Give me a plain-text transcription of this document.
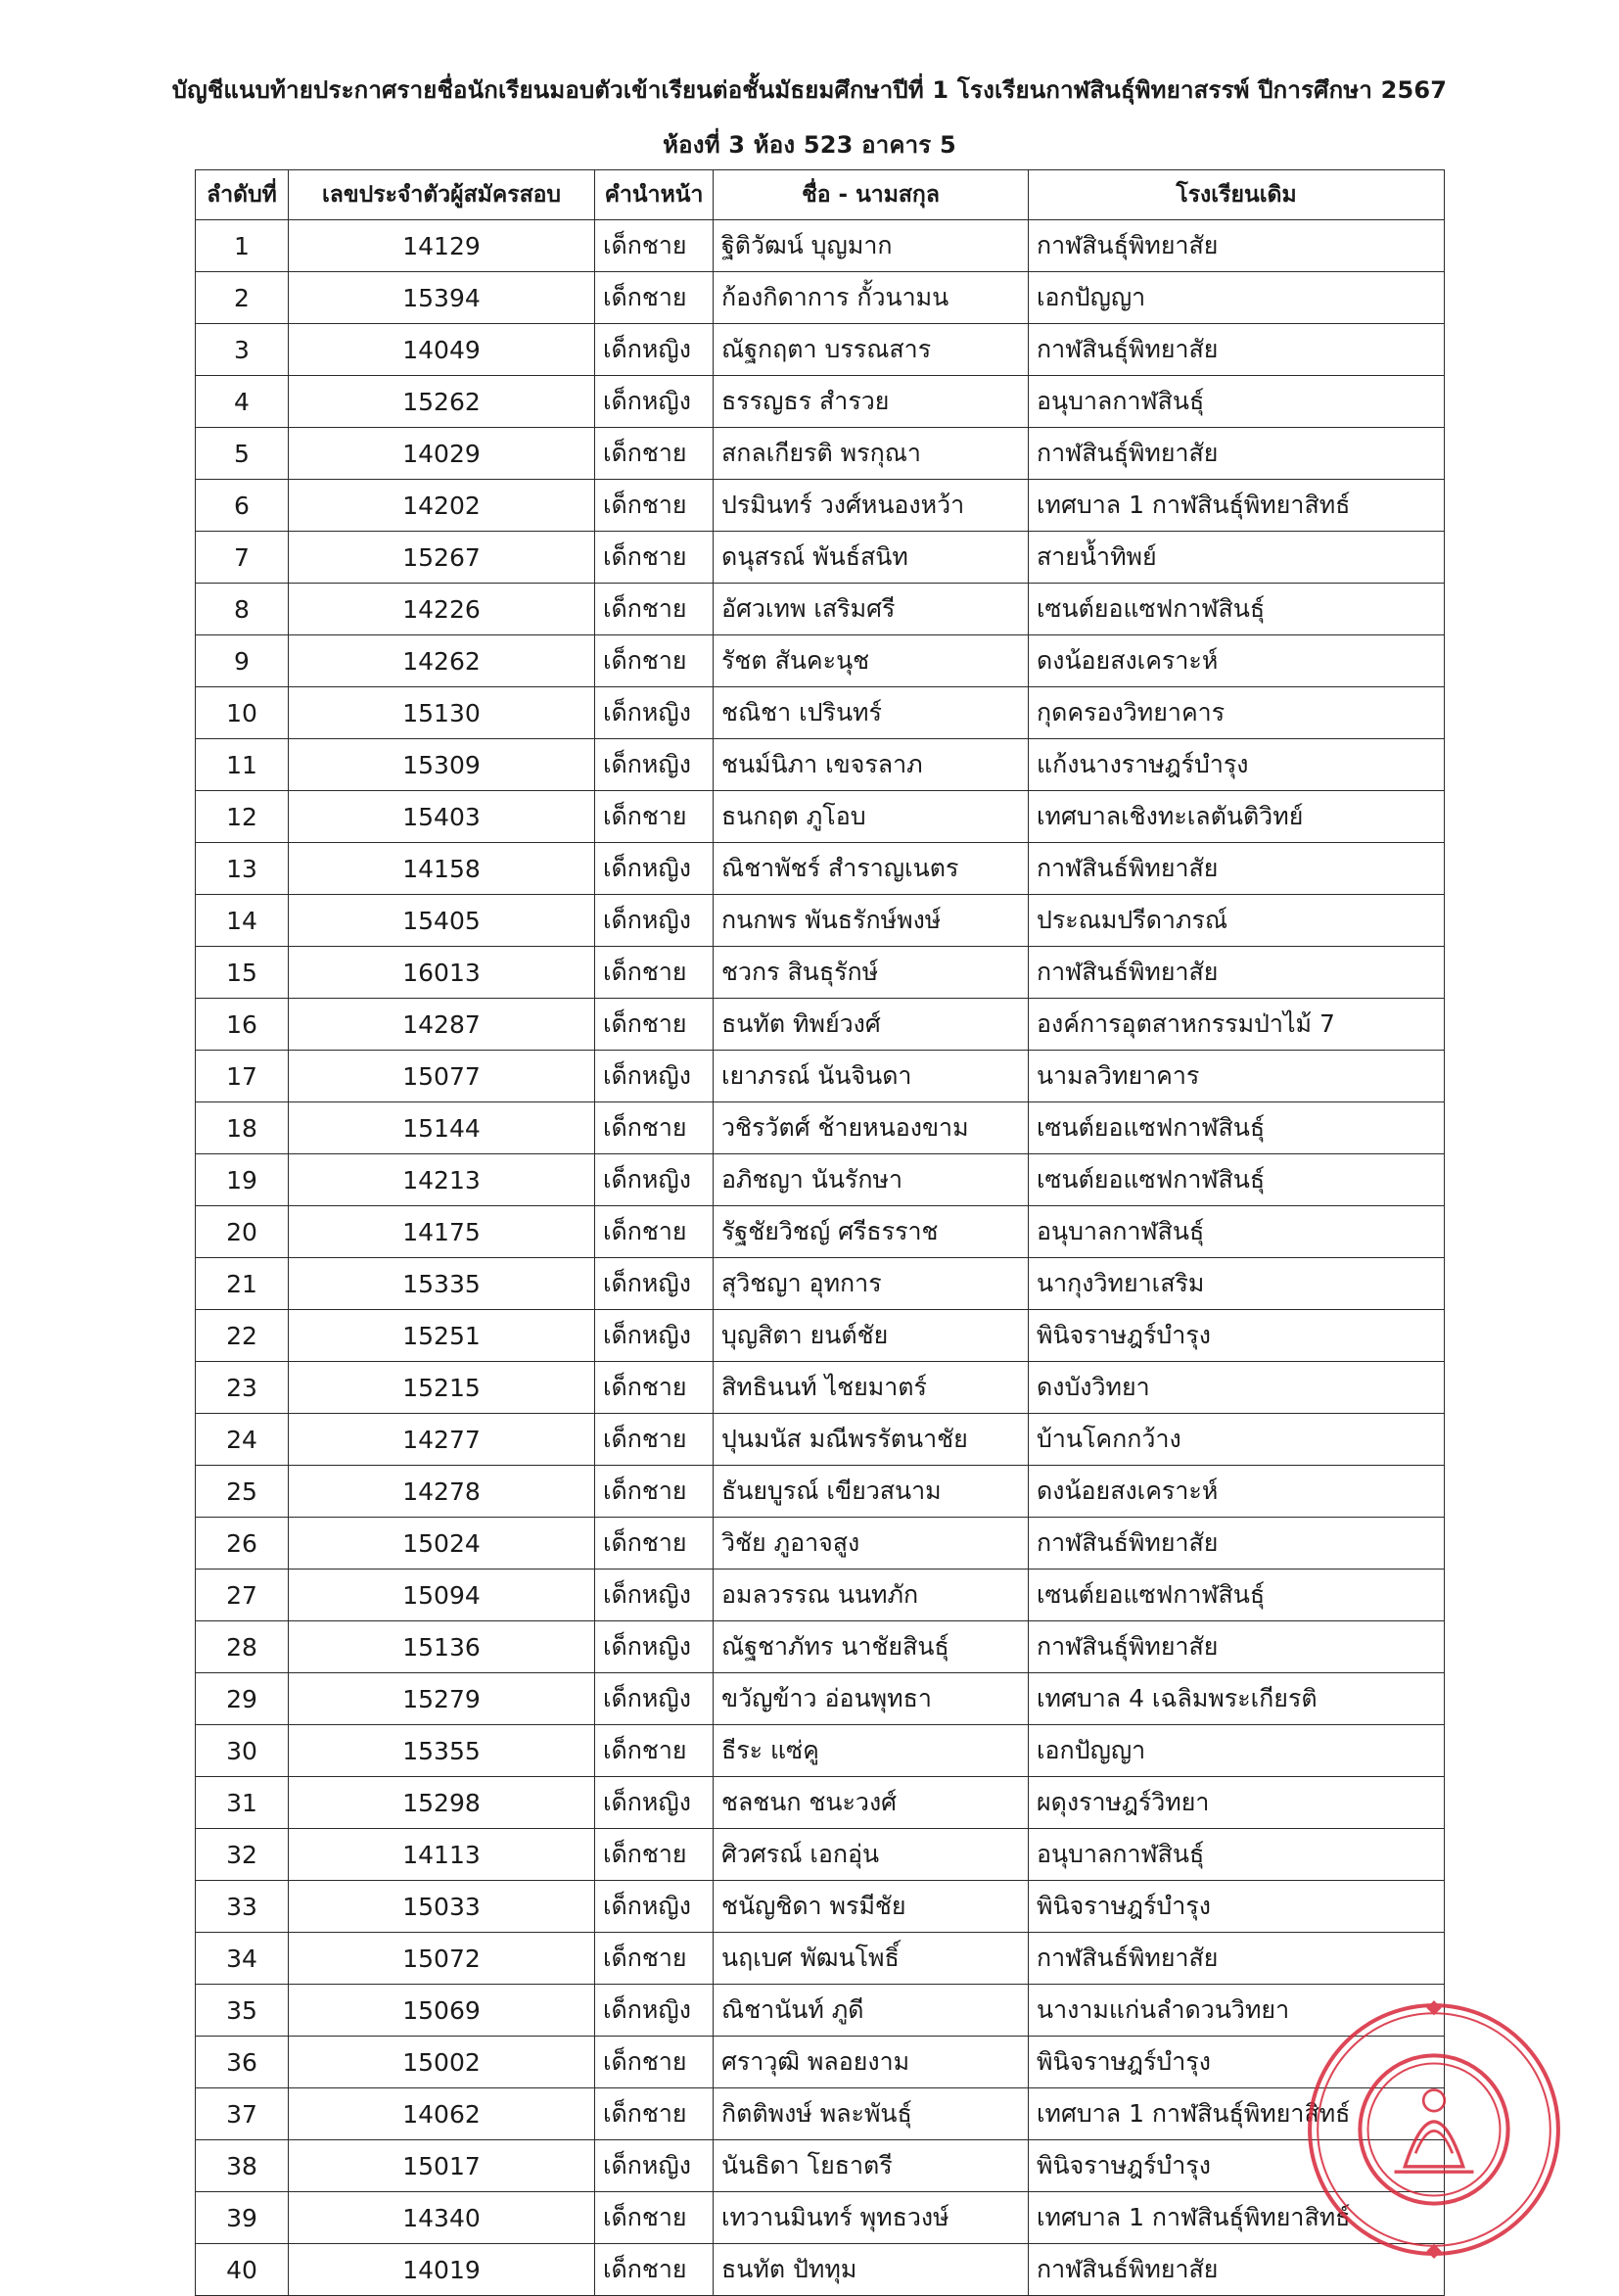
บัญชีแนบท้ายประกาศรายชื่อนักเรียนมอบตัวเข้าเรียนต่อชั้นมัธยมศึกษาปีที่ 1 โรงเรียนกาฬสินธุ์พิทยาสรรพ์ ปีการศึกษา 2567
ห้องที่ 3 ห้อง 523 อาคาร 5
ลำดับที่	เลขประจำตัวผู้สมัครสอบ	คำนำหน้า	ชื่อ - นามสกุล	โรงเรียนเดิม
1	14129	เด็กชาย	ฐิติวัฒน์ บุญมาก	กาฬสินธุ์พิทยาสัย
2	15394	เด็กชาย	ก้องกิดาการ กั้วนามน	เอกปัญญา
3	14049	เด็กหญิง	ณัฐกฤตา บรรณสาร	กาฬสินธุ์พิทยาสัย
4	15262	เด็กหญิง	ธรรญธร สำรวย	อนุบาลกาฬสินธุ์
5	14029	เด็กชาย	สกลเกียรติ พรกุณา	กาฬสินธุ์พิทยาสัย
6	14202	เด็กชาย	ปรมินทร์ วงศ์หนองหว้า	เทศบาล 1 กาฬสินธุ์พิทยาสิทธ์
7	15267	เด็กชาย	ดนุสรณ์ พันธ์สนิท	สายน้ำทิพย์
8	14226	เด็กชาย	อัศวเทพ เสริมศรี	เซนต์ยอแซฟกาฬสินธุ์
9	14262	เด็กชาย	รัชต สันคะนุช	ดงน้อยสงเคราะห์
10	15130	เด็กหญิง	ชณิชา เปรินทร์	กุดครองวิทยาคาร
11	15309	เด็กหญิง	ชนม์นิภา เขจรลาภ	แก้งนางราษฎร์บำรุง
12	15403	เด็กชาย	ธนกฤต ภูโอบ	เทศบาลเชิงทะเลตันติวิทย์
13	14158	เด็กหญิง	ณิชาพัชร์ สำราญเนตร	กาฬสินธ์พิทยาสัย
14	15405	เด็กหญิง	กนกพร พันธรักษ์พงษ์	ประณมปรีดาภรณ์
15	16013	เด็กชาย	ชวกร สินธุรักษ์	กาฬสินธ์พิทยาสัย
16	14287	เด็กชาย	ธนทัต ทิพย์วงศ์	องค์การอุตสาหกรรมป่าไม้ 7
17	15077	เด็กหญิง	เยาภรณ์ นันจินดา	นามลวิทยาคาร
18	15144	เด็กชาย	วชิรวัตศ์ ช้ายหนองขาม	เซนต์ยอแซฟกาฬสินธุ์
19	14213	เด็กหญิง	อภิชญา นันรักษา	เซนต์ยอแซฟกาฬสินธุ์
20	14175	เด็กชาย	รัฐชัยวิชญ์ ศรีธรราช	อนุบาลกาฬสินธุ์
21	15335	เด็กหญิง	สุวิชญา อุทการ	นากุงวิทยาเสริม
22	15251	เด็กหญิง	บุญสิตา ยนต์ชัย	พินิจราษฎร์บำรุง
23	15215	เด็กชาย	สิทธินนท์ ไชยมาตร์	ดงบังวิทยา
24	14277	เด็กชาย	ปุนมนัส มณีพรรัตนาชัย	บ้านโคกกว้าง
25	14278	เด็กชาย	ธันยบูรณ์ เขียวสนาม	ดงน้อยสงเคราะห์
26	15024	เด็กชาย	วิชัย ภูอาจสูง	กาฬสินธ์พิทยาสัย
27	15094	เด็กหญิง	อมลวรรณ นนทภัก	เซนต์ยอแซฟกาฬสินธุ์
28	15136	เด็กหญิง	ณัฐชาภัทร นาชัยสินธุ์	กาฬสินธุ์พิทยาสัย
29	15279	เด็กหญิง	ขวัญข้าว อ่อนพุทธา	เทศบาล 4 เฉลิมพระเกียรติ
30	15355	เด็กชาย	ธีระ แซ่คู	เอกปัญญา
31	15298	เด็กหญิง	ชลชนก ชนะวงศ์	ผดุงราษฎร์วิทยา
32	14113	เด็กชาย	ศิวศรณ์ เอกอุ่น	อนุบาลกาฬสินธุ์
33	15033	เด็กหญิง	ชนัญชิดา พรมีชัย	พินิจราษฎร์บำรุง
34	15072	เด็กชาย	นฤเบศ พัฒนโพธิ์	กาฬสินธ์พิทยาสัย
35	15069	เด็กหญิง	ณิชานันท์ ภูดี	นางามแก่นลำดวนวิทยา
36	15002	เด็กชาย	ศราวุฒิ พลอยงาม	พินิจราษฎร์บำรุง
37	14062	เด็กชาย	กิตติพงษ์ พละพันธุ์	เทศบาล 1 กาฬสินธุ์พิทยาสิทธ์
38	15017	เด็กหญิง	นันธิดา โยธาตรี	พินิจราษฎร์บำรุง
39	14340	เด็กชาย	เทวานมินทร์ พุทธวงษ์	เทศบาล 1 กาฬสินธุ์พิทยาสิทธ์
40	14019	เด็กชาย	ธนทัต ปัททุม	กาฬสินธ์พิทยาสัย
